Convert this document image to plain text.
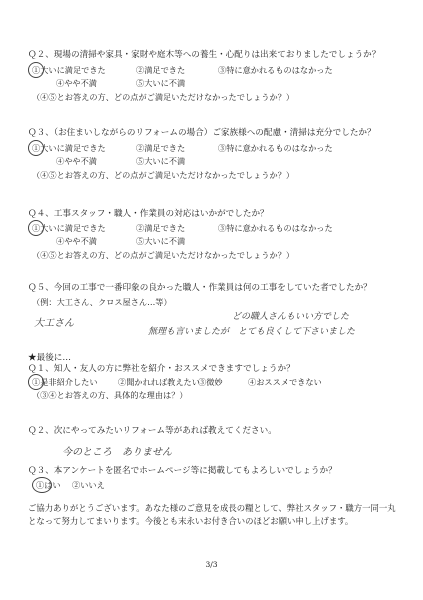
Ｑ２、現場の清掃や家具・家財や庭木等への養生・心配りは出来ておりましたでしょうか？
①大いに満足できた	②満足できた	③特に意かれるものはなかった
④やや不満	⑤大いに不満
（④⑤とお答えの方、どの点がご満足いただけなかったでしょうか？）
Ｑ３、（お住まいしながらのリフォームの場合）ご家族様への配慮・清掃は充分でしたか？
①大いに満足できた	②満足できた	③特に意かれるものはなかった
④やや不満	⑤大いに不満
（④⑤とお答えの方、どの点がご満足いただけなかったでしょうか？）
Ｑ４、工事スタッフ・職人・作業員の対応はいかがでしたか？
①大いに満足できた	②満足できた	③特に意かれるものはなかった
④やや不満	⑤大いに不満
（④⑤とお答えの方、どの点がご満足いただけなかったでしょうか？）
Ｑ５、今回の工事で一番印象の良かった職人・作業員は何の工事をしていた者でしたか？
（例：大工さん、クロス屋さん…等）
大工さん
どの職人さんもいい方でした
無理も言いましたが　とても良くして下さいました
★最後に…
Ｑ１、知人・友人の方に弊社を紹介・おススメできますでしょうか？
①是非紹介したい ②聞かれれば教えたい
③微妙	④おススメできない
（③④とお答えの方、具体的な理由は？）
Ｑ２、次にやってみたいリフォーム等があれば教えてください。
今のところ　ありません
Ｑ３、本アンケートを匿名でホームページ等に掲載してもよろしいでしょうか？
①はい ②いいえ
ご協力ありがとうございます。あなた様のご意見を成長の糧として、弊社スタッフ・職方一同一丸となって努力してまいります。今後とも末永いお付き合いのほどお願い申し上げます。
3/3
